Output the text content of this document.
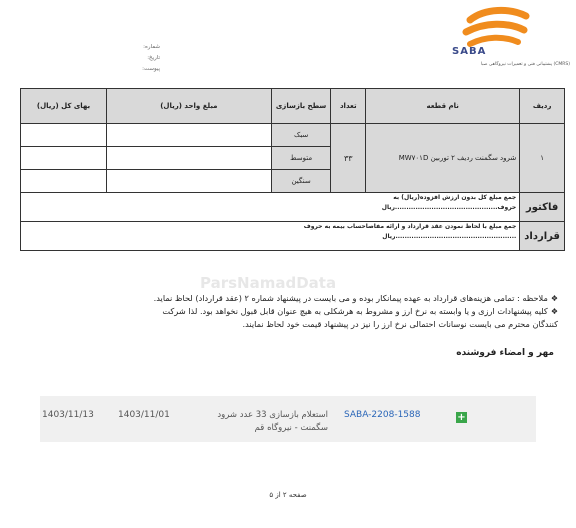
SABA
پشتیبانی فنی و تعمیرات نیروگاهی صبا (CMRS)
شماره:
تاریخ:
پیوست:
ParsNamadData
ردیف	نام قطعه	تعداد	سطح بازسازی	مبلغ واحد (ریال)	بهای کل (ریال)
۱	شرود سگمنت ردیف ۲ توربین MW۷۰۱D	۳۳	سبک		
			متوسط		
			سنگین		
فاکتور	جمع مبلغ کل بدون ارزش افزوده(ریال) به
حروف.............................................ریال				

قرارداد	جمع مبلغ با لحاظ نمودن عقد قرارداد و ارائه مفاصاحساب بیمه به حروف
.....................................................ریال				
❖ملاحظه : تمامی هزینه‌های قرارداد به عهده پیمانکار بوده و می بایست در پیشنهاد شماره ۲ (عقد قرارداد) لحاظ نماید.
❖کلیه پیشنهادات ارزی و یا وابسته به نرخ ارز و مشروط به هرشکلی به هیچ عنوان قابل قبول نخواهد بود. لذا شرکت
کنندگان محترم می بایست نوسانات احتمالی نرخ ارز را نیز در پیشنهاد قیمت خود لحاظ نمایند.
مهر و امضاء فروشنده
+
SABA-2208-1588
استعلام بازسازی 33 عدد شرود سگمنت - نیروگاه قم
1403/11/01
1403/11/13
صفحه ۲ از ۵
